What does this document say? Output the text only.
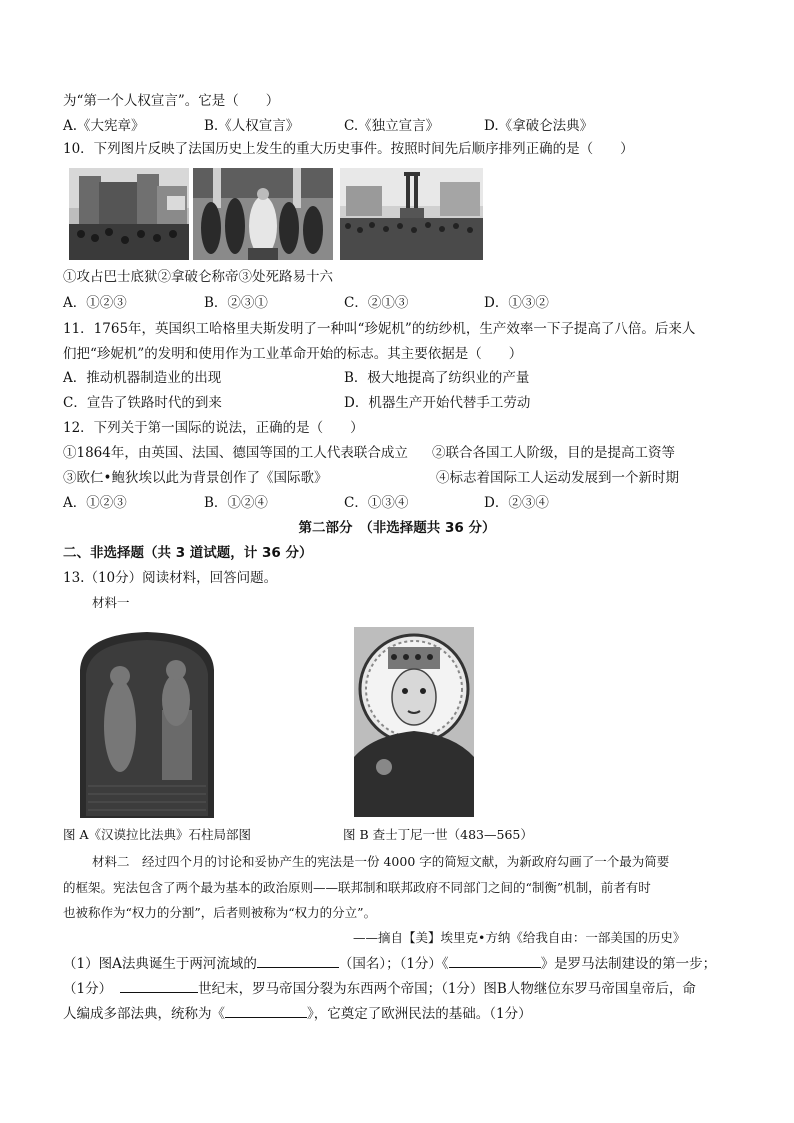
为“第一个人权宣言”。它是（　　）
A.《大宪章》	B.《人权宣言》	C.《独立宣言》	D.《拿破仑法典》
10．下列图片反映了法国历史上发生的重大历史事件。按照时间先后顺序排列正确的是（　　）
①攻占巴士底狱②拿破仑称帝③处死路易十六
A．①②③	B．②③①	C．②①③	D．①③②
11．1765年，英国织工哈格里夫斯发明了一种叫“珍妮机”的纺纱机，生产效率一下子提高了八倍。后来人
们把“珍妮机”的发明和使用作为工业革命开始的标志。其主要依据是（　　）
A．推动机器制造业的出现	B．极大地提高了纺织业的产量
C．宣告了铁路时代的到来	D．机器生产开始代替手工劳动
12．下列关于第一国际的说法，正确的是（　　）
①1864年，由英国、法国、德国等国的工人代表联合成立 ②联合各国工人阶级，目的是提高工资等
③欧仁•鲍狄埃以此为背景创作了《国际歌》	④标志着国际工人运动发展到一个新时期
A．①②③	B．①②④	C．①③④	D．②③④
第二部分　（非选择题共 36 分）
二、非选择题（共 3 道试题，计 36 分）
13.（10分）阅读材料，回答问题。
材料一
图 A《汉谟拉比法典》石柱局部图	图 B 查士丁尼一世（483—565）
材料二　经过四个月的讨论和妥协产生的宪法是一份 4000 字的简短文献，为新政府勾画了一个最为简要
的框架。宪法包含了两个最为基本的政治原则——联邦制和联邦政府不同部门之间的“制衡”机制，前者有时
也被称作为“权力的分割”，后者则被称为“权力的分立”。
——摘自【美】埃里克•方纳《给我自由：一部美国的历史》
（1）图A法典诞生于两河流域的	（国名）；（1分）《	》是罗马法制建设的第一步；
（1分）	世纪末，罗马帝国分裂为东西两个帝国；（1分）图B人物继位东罗马帝国皇帝后，命
人编成多部法典，统称为《	》，它奠定了欧洲民法的基础。（1分）
